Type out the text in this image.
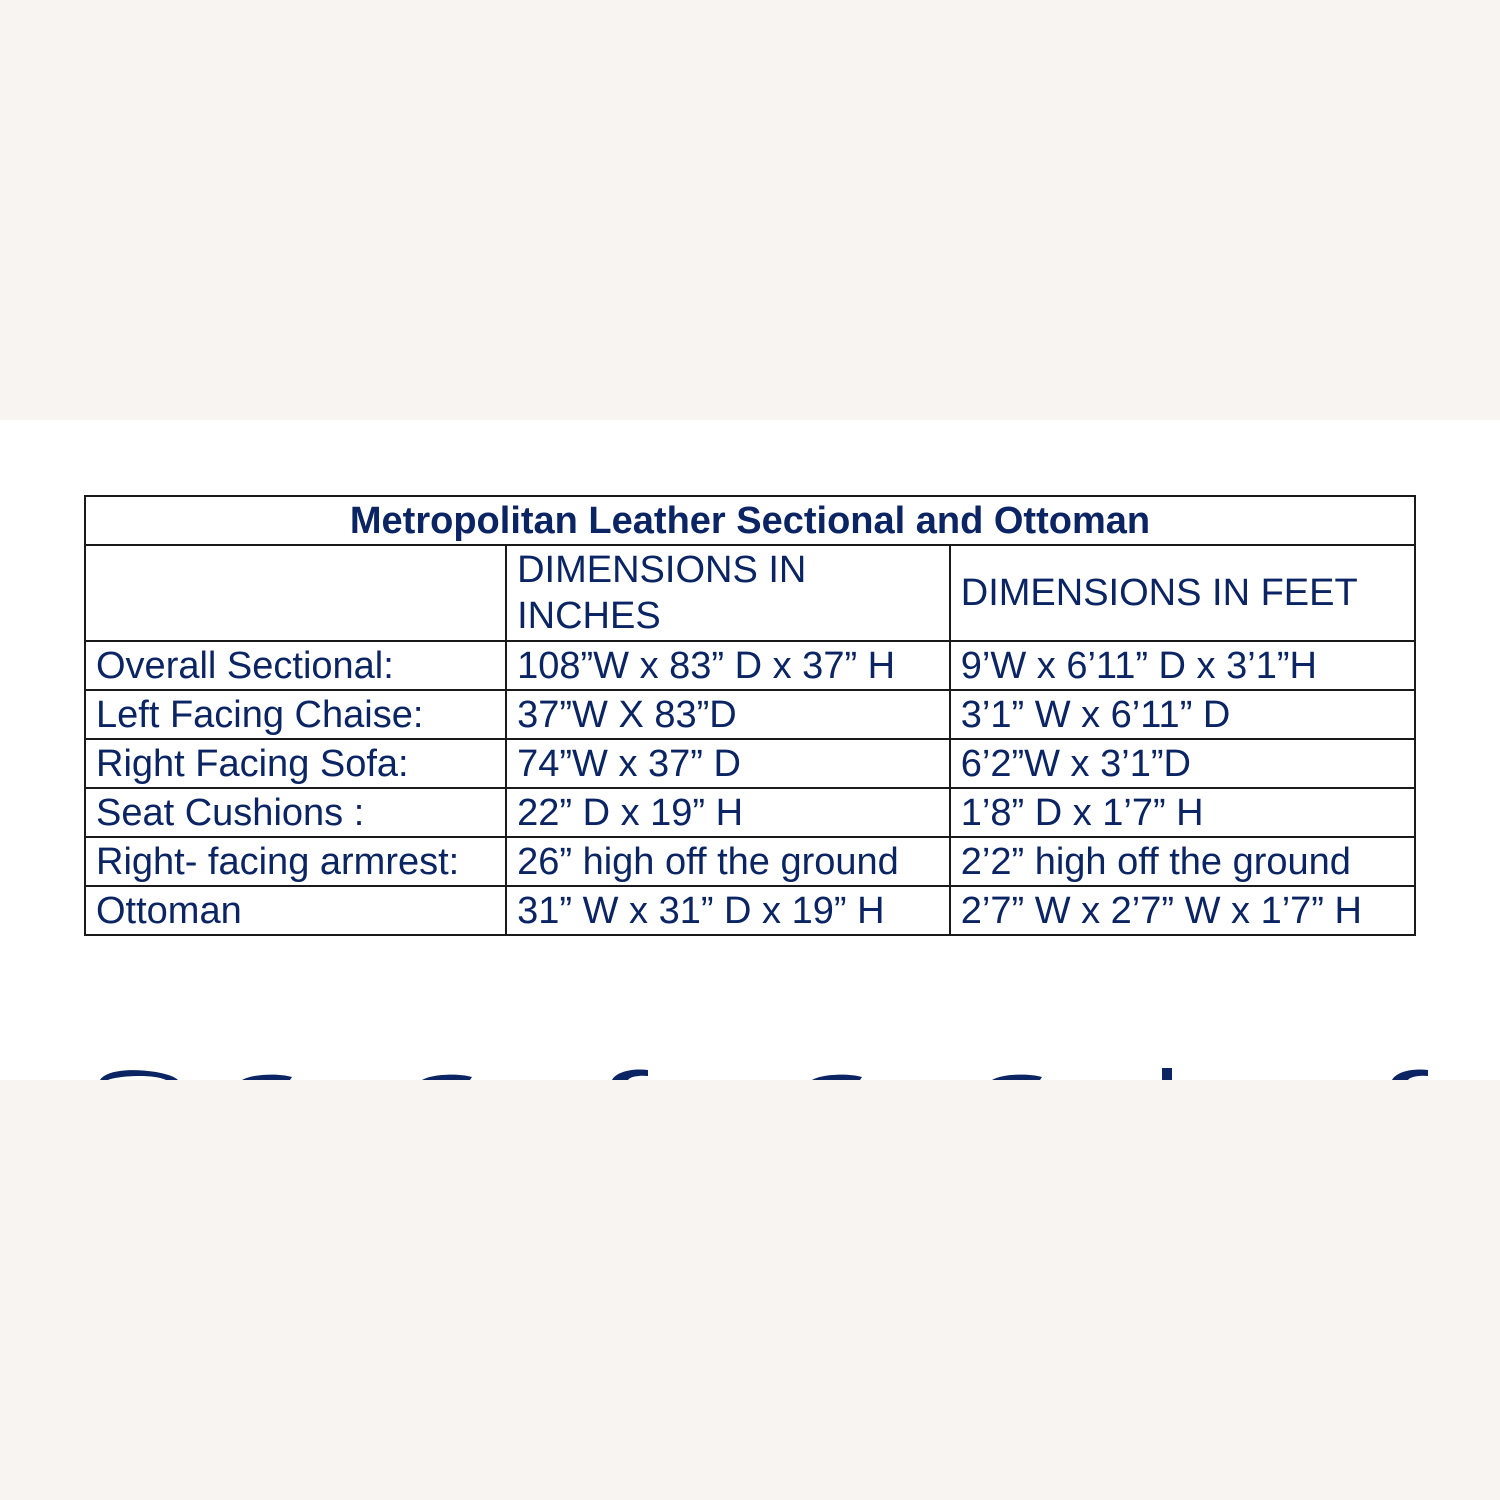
Metropolitan Leather Sectional and Ottoman		
	DIMENSIONS IN INCHES	DIMENSIONS IN FEET
Overall Sectional:	108”W x 83” D x 37” H	9’W x 6’11” D x 3’1”H
Left Facing Chaise:	37”W X 83”D	3’1” W x 6’11” D
Right Facing Sofa:	74”W x 37” D	6’2”W x 3’1”D
Seat Cushions :	22” D x 19” H	1’8” D x 1’7” H
Right- facing armrest:	26” high off the ground	2’2” high off the ground
Ottoman	31” W x 31” D x 19” H	2’7” W x 2’7” W x 1’7” H
